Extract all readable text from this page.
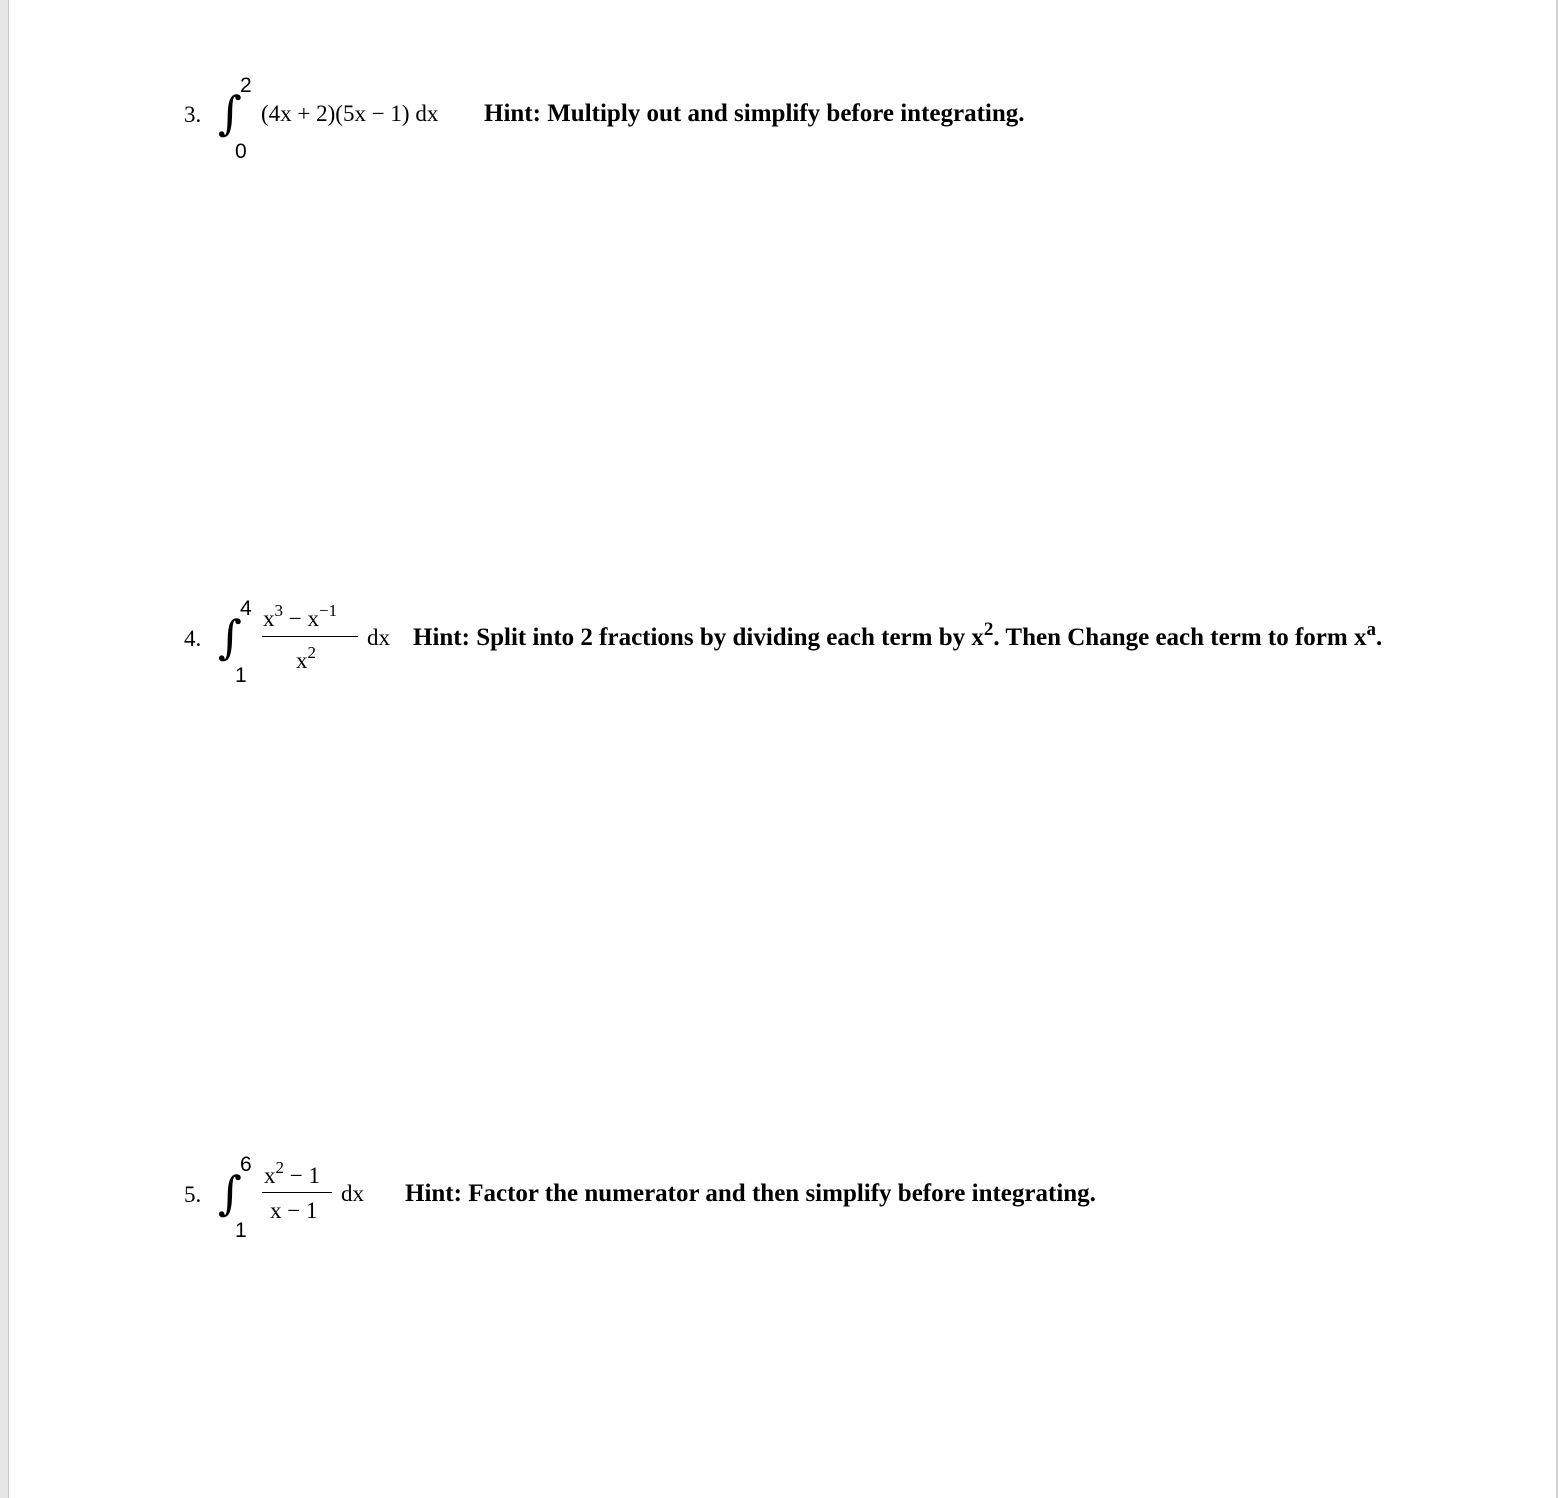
3. ∫
2
0
(4x + 2)(5x − 1) dx Hint: Multiply out and simplify before integrating.
4. ∫
4
1
$x^3 - x^{-1}$
$x^2$
dx Hint: Split into 2 fractions by dividing each term by $x^2$. Then Change each term to form $x^a$.
5. ∫
6
1
$x^2 - 1$
x − 1
dx Hint: Factor the numerator and then simplify before integrating.
